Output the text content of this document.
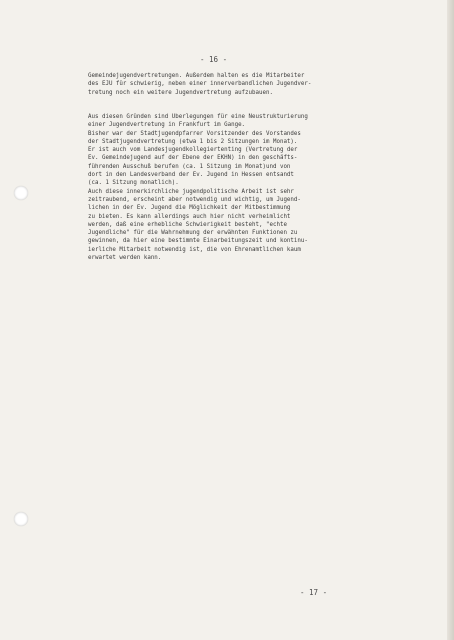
- 16 -
Gemeindejugendvertretungen. Außerdem halten es die Mitarbeiter
des EJU für schwierig, neben einer innerverbandlichen Jugendver-
tretung noch ein weitere Jugendvertretung aufzubauen.
Aus diesen Gründen sind Überlegungen für eine Neustrukturierung
einer Jugendvertretung in Frankfurt im Gange.
Bisher war der Stadtjugendpfarrer Vorsitzender des Vorstandes
der Stadtjugendvertretung (etwa 1 bis 2 Sitzungen im Monat).
Er ist auch vom Landesjugendkollegiertenting (Vertretung der
Ev. Gemeindejugend auf der Ebene der EKHN) in den geschäfts-
führenden Ausschuß berufen (ca. 1 Sitzung im Monat)und von
dort in den Landesverband der Ev. Jugend in Hessen entsandt
(ca. 1 Sitzung monatlich).
Auch diese innerkirchliche jugendpolitische Arbeit ist sehr
zeitraubend, erscheint aber notwendig und wichtig, um Jugend-
lichen in der Ev. Jugend die Möglichkeit der Mitbestimmung
zu bieten. Es kann allerdings auch hier nicht verheimlicht
werden, daß eine erhebliche Schwierigkeit besteht, "echte
Jugendliche" für die Wahrnehmung der erwähnten Funktionen zu
gewinnen, da hier eine bestimmte Einarbeitungszeit und kontinu-
ierliche Mitarbeit notwendig ist, die von Ehrenamtlichen kaum
erwartet werden kann.
- 17 -
